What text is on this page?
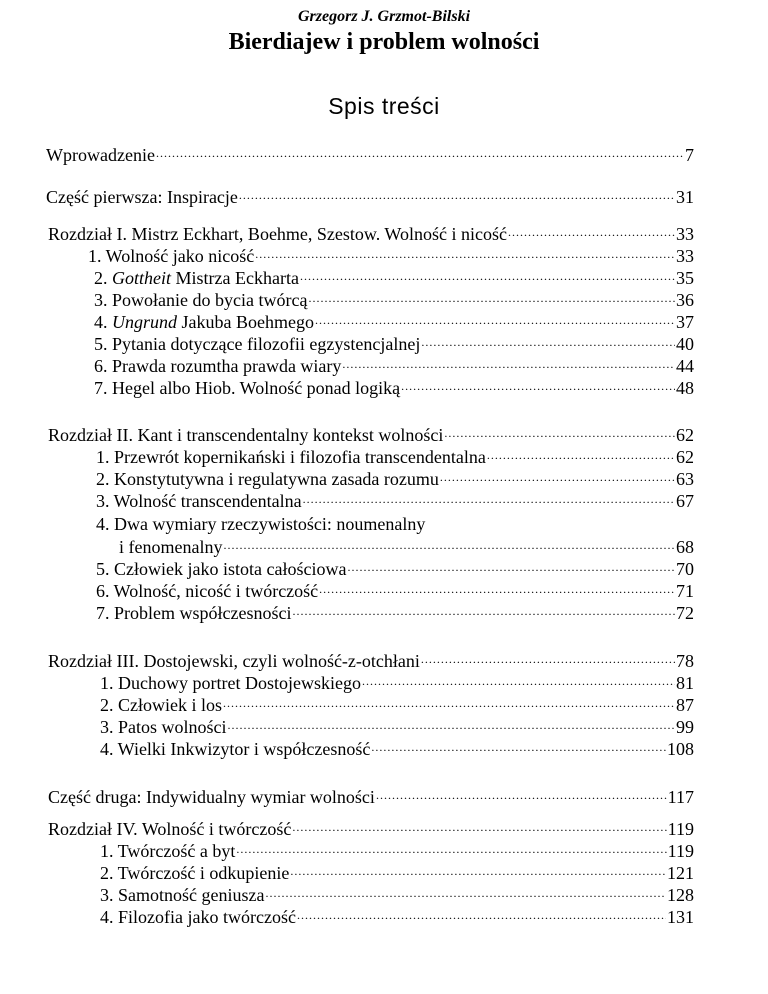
Grzegorz J. Grzmot-Bilski
Bierdiajew i problem wolności
Spis treści
Wprowadzenie .....	7
Część pierwsza: Inspiracje .....	31
Rozdział I. Mistrz Eckhart, Boehme, Szestow. Wolność i nicość .....	33
1. Wolność jako nicość .....	33
2. Gottheit Mistrza Eckharta .....	35
3. Powołanie do bycia twórcą .....	36
4. Ungrund Jakuba Boehmego .....	37
5. Pytania dotyczące filozofii egzystencjalnej .....	40
6. Prawda rozumtha prawda wiary .....	44
7. Hegel albo Hiob. Wolność ponad logiką .....	48
Rozdział II. Kant i transcendentalny kontekst wolności .....	62
1. Przewrót kopernikański i filozofia transcendentalna .....	62
2. Konstytutywna i regulatywna zasada rozumu .....	63
3. Wolność transcendentalna .....	67
4. Dwa wymiary rzeczywistości: noumenalny
i fenomenalny .....	68
5. Człowiek jako istota całościowa .....	70
6. Wolność, nicość i twórczość .....	71
7. Problem współczesności .....	72
Rozdział III. Dostojewski, czyli wolność-z-otchłani .....	78
1. Duchowy portret Dostojewskiego .....	81
2. Człowiek i los .....	87
3. Patos wolności .....	99
4. Wielki Inkwizytor i współczesność .....	108
Część druga: Indywidualny wymiar wolności .....	117
Rozdział IV. Wolność i twórczość .....	119
1. Twórczość a byt .....	119
2. Twórczość i odkupienie .....	121
3. Samotność geniusza .....	128
4. Filozofia jako twórczość .....	131
